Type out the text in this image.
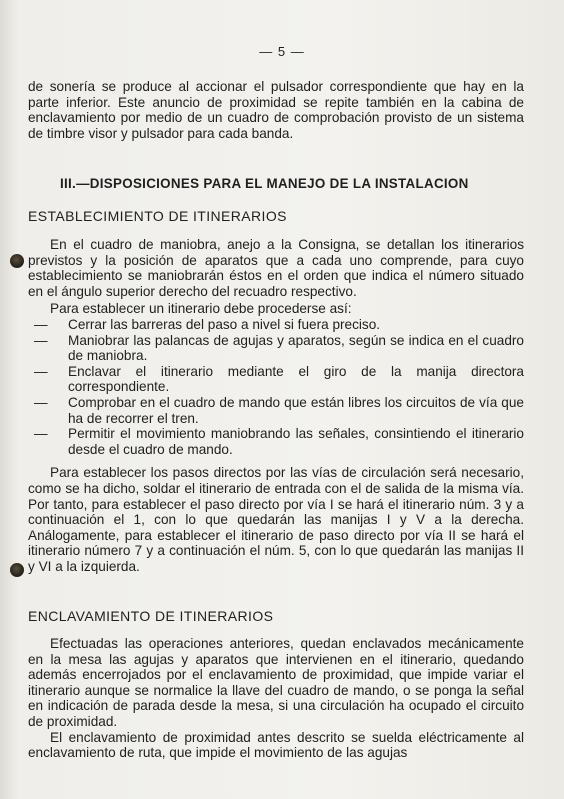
— 5 —

de sonería se produce al accionar el pulsador correspondiente que hay en la parte inferior. Este anuncio de proximidad se repite también en la cabina de enclavamiento por medio de un cuadro de comprobación provisto de un sistema de timbre visor y pulsador para cada banda.

III.—DISPOSICIONES PARA EL MANEJO DE LA INSTALACION
ESTABLECIMIENTO DE ITINERARIOS

En el cuadro de maniobra, anejo a la Consigna, se detallan los itinerarios previstos y la posición de aparatos que a cada uno comprende, para cuyo establecimiento se maniobrarán éstos en el orden que indica el número situado en el ángulo superior derecho del recuadro respectivo.

Para establecer un itinerario debe procederse así:

— Cerrar las barreras del paso a nivel si fuera preciso.
— Maniobrar las palancas de agujas y aparatos, según se indica en el cuadro de maniobra.
— Enclavar el itinerario mediante el giro de la manija directora correspondiente.
— Comprobar en el cuadro de mando que están libres los circuitos de vía que ha de recorrer el tren.
— Permitir el movimiento maniobrando las señales, consintiendo el itinerario desde el cuadro de mando.

Para establecer los pasos directos por las vías de circulación será necesario, como se ha dicho, soldar el itinerario de entrada con el de salida de la misma vía. Por tanto, para establecer el paso directo por vía I se hará el itinerario núm. 3 y a continuación el 1, con lo que quedarán las manijas I y V a la derecha. Análogamente, para establecer el itinerario de paso directo por vía II se hará el itinerario número 7 y a continuación el núm. 5, con lo que quedarán las manijas II y VI a la izquierda.

ENCLAVAMIENTO DE ITINERARIOS

Efectuadas las operaciones anteriores, quedan enclavados mecánicamente en la mesa las agujas y aparatos que intervienen en el itinerario, quedando además encerrojados por el enclavamiento de proximidad, que impide variar el itinerario aunque se normalice la llave del cuadro de mando, o se ponga la señal en indicación de parada desde la mesa, si una circulación ha ocupado el circuito de proximidad.

El enclavamiento de proximidad antes descrito se suelda eléctricamente al enclavamiento de ruta, que impide el movimiento de las agujas
